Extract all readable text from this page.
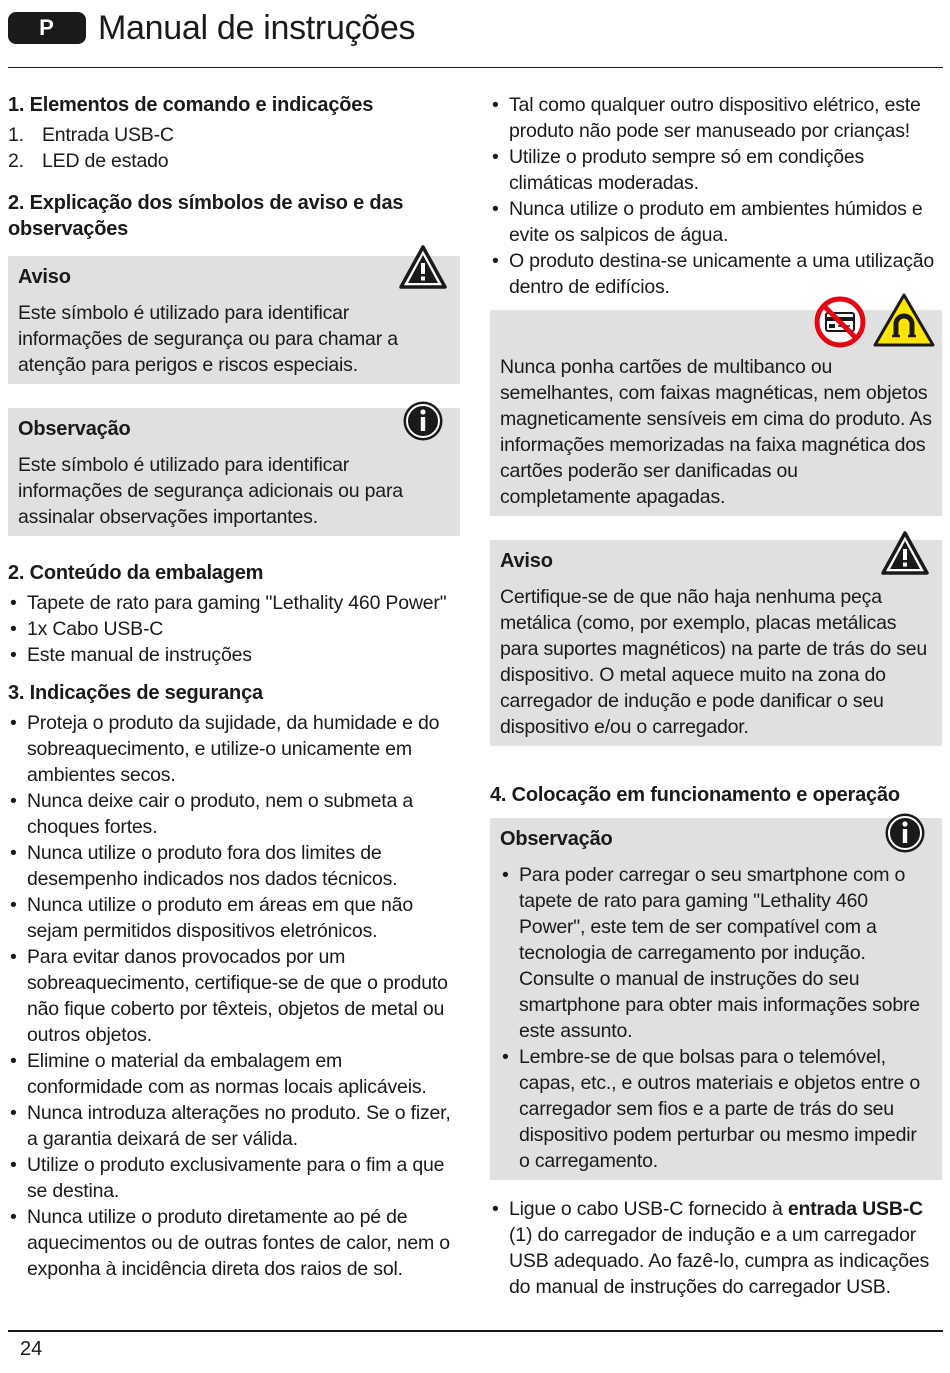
P	Manual de instruções
1. Elementos de comando e indicações
1. Entrada USB-C
2. LED de estado
2. Explicação dos símbolos de aviso e das observações
Aviso
Este símbolo é utilizado para identificar informações de segurança ou para chamar a atenção para perigos e riscos especiais.
Observação
Este símbolo é utilizado para identificar informações de segurança adicionais ou para assinalar observações importantes.
2. Conteúdo da embalagem
• Tapete de rato para gaming "Lethality 460 Power"
• 1x Cabo USB-C
• Este manual de instruções
3. Indicações de segurança
• Proteja o produto da sujidade, da humidade e do sobreaquecimento, e utilize-o unicamente em ambientes secos.
• Nunca deixe cair o produto, nem o submeta a choques fortes.
• Nunca utilize o produto fora dos limites de desempenho indicados nos dados técnicos.
• Nunca utilize o produto em áreas em que não sejam permitidos dispositivos eletrónicos.
• Para evitar danos provocados por um sobreaquecimento, certifique-se de que o produto não fique coberto por têxteis, objetos de metal ou outros objetos.
• Elimine o material da embalagem em conformidade com as normas locais aplicáveis.
• Nunca introduza alterações no produto. Se o fizer, a garantia deixará de ser válida.
• Utilize o produto exclusivamente para o fim a que se destina.
• Nunca utilize o produto diretamente ao pé de aquecimentos ou de outras fontes de calor, nem o exponha à incidência direta dos raios de sol.
• Tal como qualquer outro dispositivo elétrico, este produto não pode ser manuseado por crianças!
• Utilize o produto sempre só em condições climáticas moderadas.
• Nunca utilize o produto em ambientes húmidos e evite os salpicos de água.
• O produto destina-se unicamente a uma utilização dentro de edifícios.
Nunca ponha cartões de multibanco ou semelhantes, com faixas magnéticas, nem objetos magneticamente sensíveis em cima do produto. As informações memorizadas na faixa magnética dos cartões poderão ser danificadas ou completamente apagadas.
Aviso
Certifique-se de que não haja nenhuma peça metálica (como, por exemplo, placas metálicas para suportes magnéticos) na parte de trás do seu dispositivo. O metal aquece muito na zona do carregador de indução e pode danificar o seu dispositivo e/ou o carregador.
4. Colocação em funcionamento e operação
Observação
• Para poder carregar o seu smartphone com o tapete de rato para gaming "Lethality 460 Power", este tem de ser compatível com a tecnologia de carregamento por indução. Consulte o manual de instruções do seu smartphone para obter mais informações sobre este assunto.
• Lembre-se de que bolsas para o telemóvel, capas, etc., e outros materiais e objetos entre o carregador sem fios e a parte de trás do seu dispositivo podem perturbar ou mesmo impedir o carregamento.
• Ligue o cabo USB-C fornecido à entrada USB-C (1) do carregador de indução e a um carregador USB adequado. Ao fazê-lo, cumpra as indicações do manual de instruções do carregador USB.
24
